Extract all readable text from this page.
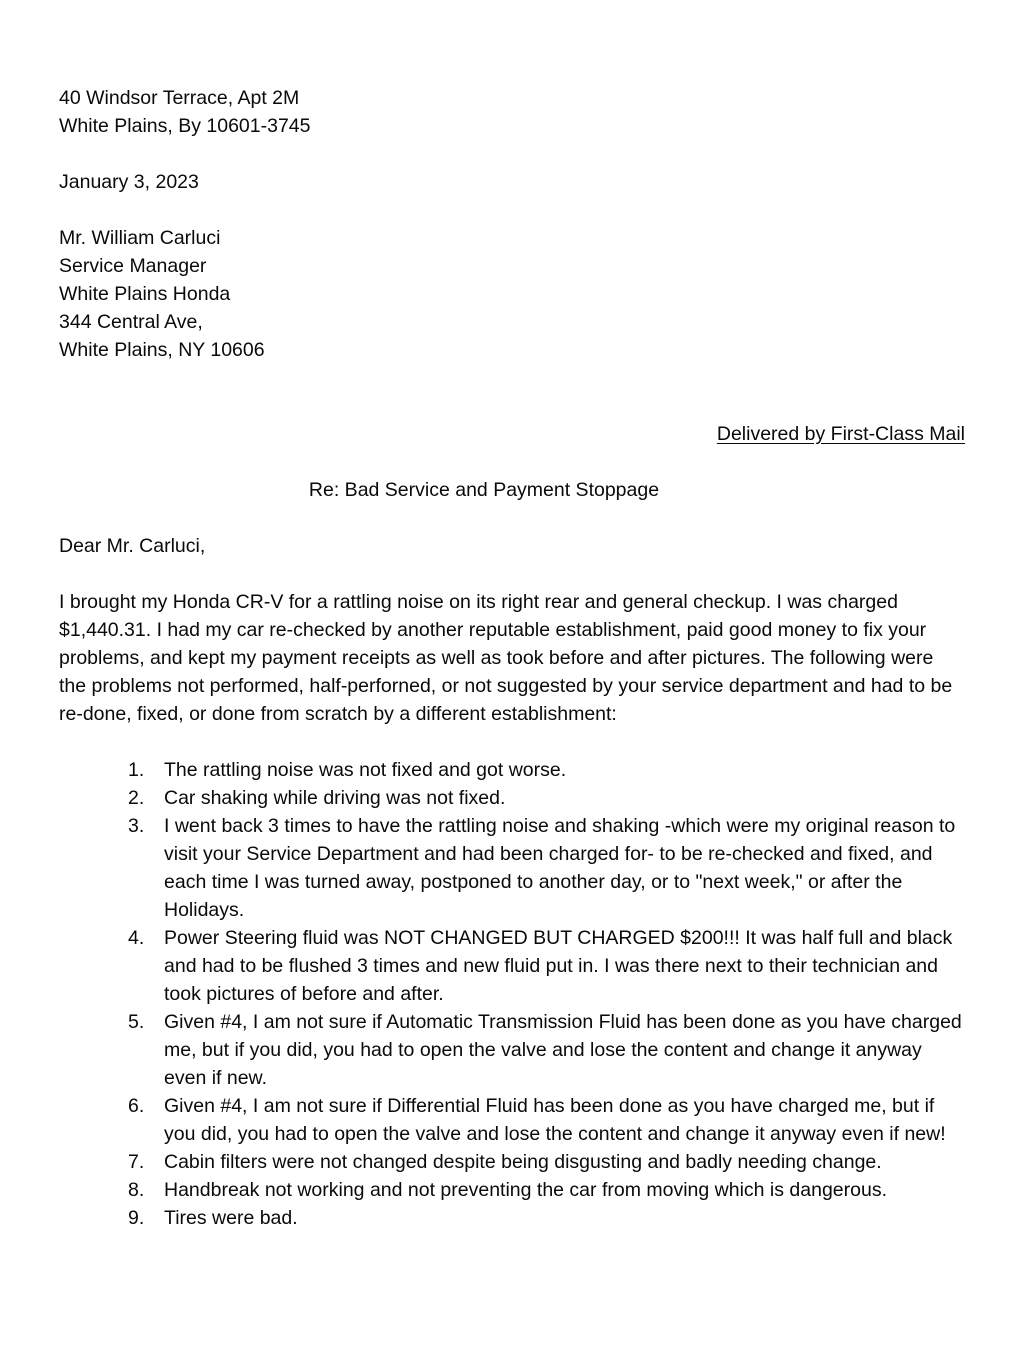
40 Windsor Terrace, Apt 2M
White Plains, By 10601-3745
January 3, 2023
Mr. William Carluci
Service Manager
White Plains Honda
344 Central Ave,
White Plains, NY 10606
Delivered by First-Class Mail
Re: Bad Service and Payment Stoppage
Dear Mr. Carluci,

I brought my Honda CR-V for a rattling noise on its right rear and general checkup. I was charged $1,440.31. I had my car re-checked by another reputable establishment, paid good money to fix your problems, and kept my payment receipts as well as took before and after pictures. The following were the problems not performed, half-perforned, or not suggested by your service department and had to be re-done, fixed, or done from scratch by a different establishment:

The rattling noise was not fixed and got worse.
Car shaking while driving was not fixed.
I went back 3 times to have the rattling noise and shaking -which were my original reason to visit your Service Department and had been charged for- to be re-checked and fixed, and each time I was turned away, postponed to another day, or to "next week," or after the Holidays.
Power Steering fluid was NOT CHANGED BUT CHARGED $200!!! It was half full and black and had to be flushed 3 times and new fluid put in. I was there next to their technician and took pictures of before and after.
Given #4, I am not sure if Automatic Transmission Fluid has been done as you have charged me, but if you did, you had to open the valve and lose the content and change it anyway even if new.
Given #4, I am not sure if Differential Fluid has been done as you have charged me, but if you did, you had to open the valve and lose the content and change it anyway even if new!
Cabin filters were not changed despite being disgusting and badly needing change.
Handbreak not working and not preventing the car from moving which is dangerous.
Tires were bad.
